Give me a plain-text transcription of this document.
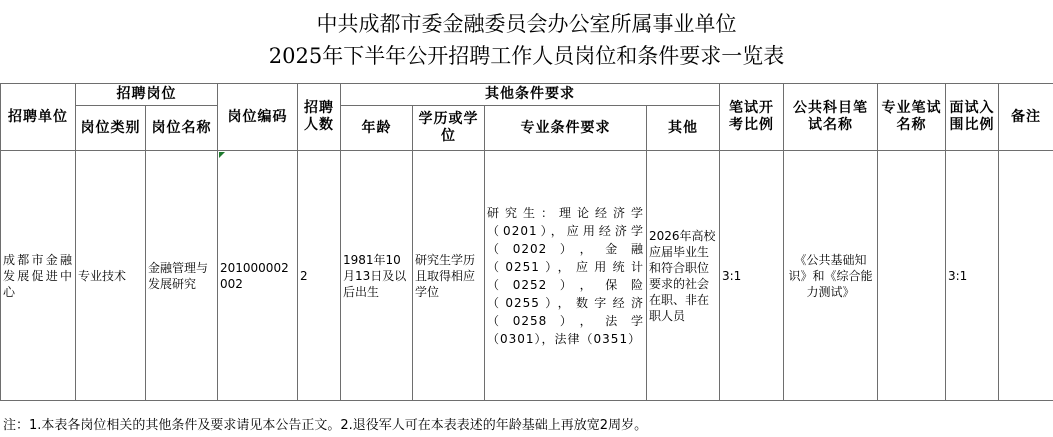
中共成都市委金融委员会办公室所属事业单位
2025年下半年公开招聘工作人员岗位和条件要求一览表
招聘单位	招聘岗位		岗位编码	招聘人数	其他条件要求				笔试开考比例	公共科目笔试名称	专业笔试名称	面试入围比例	备注
	岗位类别	岗位名称			年龄	学历或学位	专业条件要求	其他					
成都市金融发展促进中心	专业技术	金融管理与发展研究	201000002002	2	1981年10月13日及以后出生	研究生学历且取得相应学位	研究生：理论经济学（0201），应用经济学（0202），金融（0251），应用统计（0252），保险（0255），数字经济（0258），法学（0301），法律（0351）	2026年高校应届毕业生和符合职位要求的社会在职、非在职人员	3:1	《公共基础知识》和《综合能力测试》		3:1	
注：1.本表各岗位相关的其他条件及要求请见本公告正文。2.退役军人可在本表表述的年龄基础上再放宽2周岁。
